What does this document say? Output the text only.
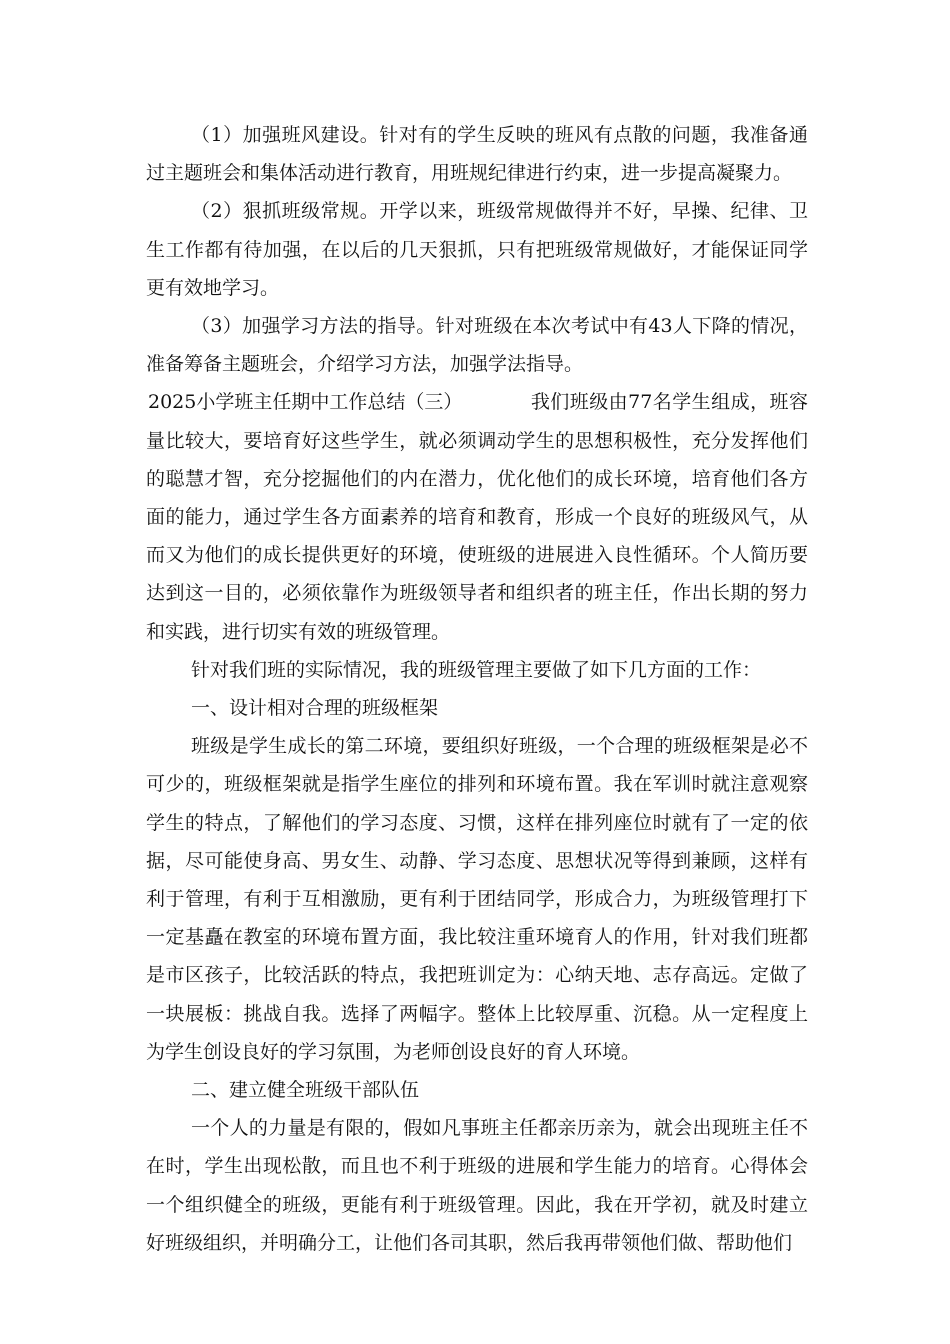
（1）加强班风建设。针对有的学生反映的班风有点散的问题，我准备通过主题班会和集体活动进行教育，用班规纪律进行约束，进一步提高凝聚力。

（2）狠抓班级常规。开学以来，班级常规做得并不好，早操、纪律、卫生工作都有待加强，在以后的几天狠抓，只有把班级常规做好，才能保证同学更有效地学习。

（3）加强学习方法的指导。针对班级在本次考试中有43人下降的情况，准备筹备主题班会，介绍学习方法，加强学法指导。

2025小学班主任期中工作总结（三）	我们班级由77名学生组成，班容量比较大，要培育好这些学生，就必须调动学生的思想积极性，充分发挥他们的聪慧才智，充分挖掘他们的内在潜力，优化他们的成长环境，培育他们各方面的能力，通过学生各方面素养的培育和教育，形成一个良好的班级风气，从而又为他们的成长提供更好的环境，使班级的进展进入良性循环。个人简历要达到这一目的，必须依靠作为班级领导者和组织者的班主任，作出长期的努力和实践，进行切实有效的班级管理。

针对我们班的实际情况，我的班级管理主要做了如下几方面的工作：

一、设计相对合理的班级框架

班级是学生成长的第二环境，要组织好班级，一个合理的班级框架是必不可少的，班级框架就是指学生座位的排列和环境布置。我在军训时就注意观察学生的特点，了解他们的学习态度、习惯，这样在排列座位时就有了一定的依据，尽可能使身高、男女生、动静、学习态度、思想状况等得到兼顾，这样有利于管理，有利于互相激励，更有利于团结同学，形成合力，为班级管理打下一定基矗在教室的环境布置方面，我比较注重环境育人的作用，针对我们班都是市区孩子，比较活跃的特点，我把班训定为：心纳天地、志存高远。定做了一块展板：挑战自我。选择了两幅字。整体上比较厚重、沉稳。从一定程度上为学生创设良好的学习氛围，为老师创设良好的育人环境。

二、建立健全班级干部队伍

一个人的力量是有限的，假如凡事班主任都亲历亲为，就会出现班主任不在时，学生出现松散，而且也不利于班级的进展和学生能力的培育。心得体会一个组织健全的班级，更能有利于班级管理。因此，我在开学初，就及时建立好班级组织，并明确分工，让他们各司其职，然后我再带领他们做、帮助他们
